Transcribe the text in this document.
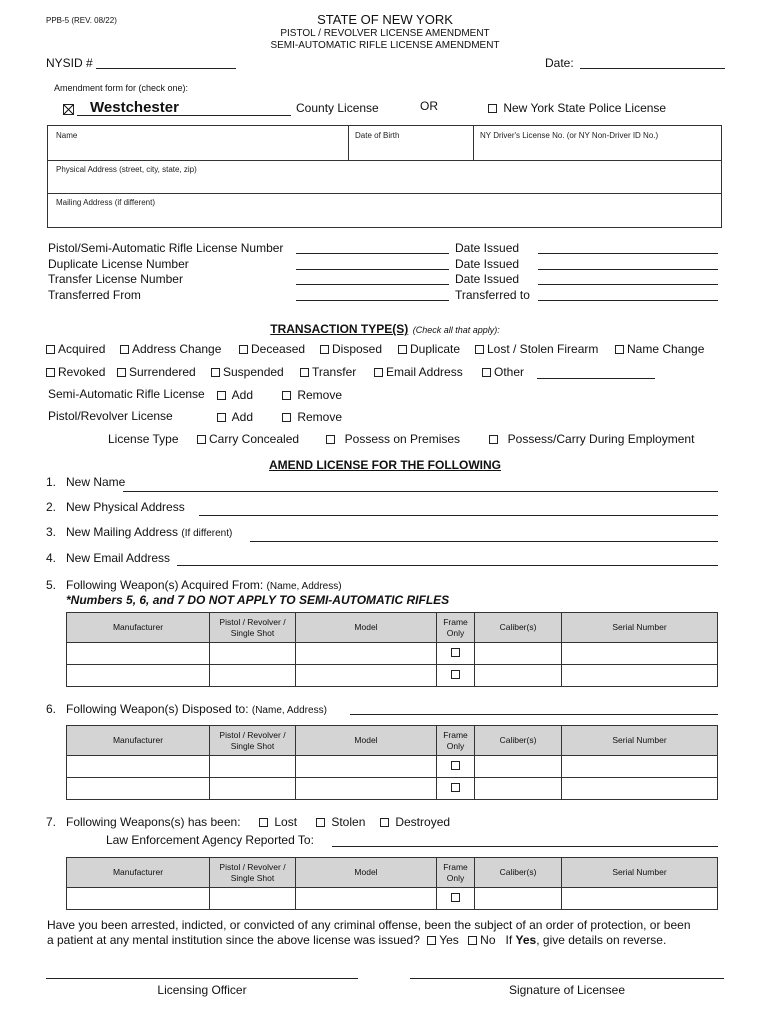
PPB-5 (REV. 08/22)	STATE OF NEW YORK
PISTOL / REVOLVER LICENSE AMENDMENT
SEMI-AUTOMATIC RIFLE LICENSE AMENDMENT
NYSID #	Date:
Amendment form for (check one):
Westchester	County License	OR	New York State Police License
Name	Date of Birth	NY Driver's License No. (or NY Non-Driver ID No.)
Physical Address (street, city, state, zip)
Mailing Address (if different)
Pistol/Semi-Automatic Rifle License Number	Date Issued
Duplicate License Number	Date Issued
Transfer License Number	Date Issued
Transferred From	Transferred to
TRANSACTION TYPE(S) (Check all that apply):
Acquired	Address Change	Deceased	Disposed	Duplicate	Lost / Stolen Firearm	Name Change
Revoked	Surrendered	Suspended	Transfer	Email Address	Other
Semi-Automatic Rifle License	Add	Remove
Pistol/Revolver License	Add	Remove
License Type	Carry Concealed	Possess on Premises	Possess/Carry During Employment
AMEND LICENSE FOR THE FOLLOWING
1. New Name
2. New Physical Address
3. New Mailing Address (If different)
4. New Email Address
5. Following Weapon(s) Acquired From: (Name, Address)
*Numbers 5, 6, and 7 DO NOT APPLY TO SEMI-AUTOMATIC RIFLES
Manufacturer	Pistol / Revolver / Single Shot	Model	Frame Only	Caliber(s)	Serial Number

6. Following Weapon(s) Disposed to: (Name, Address)
Manufacturer	Pistol / Revolver / Single Shot	Model	Frame Only	Caliber(s)	Serial Number

7. Following Weapons(s) has been:	Lost	Stolen	Destroyed
Law Enforcement Agency Reported To:
Manufacturer	Pistol / Revolver / Single Shot	Model	Frame Only	Caliber(s)	Serial Number

Have you been arrested, indicted, or convicted of any criminal offense, been the subject of an order of protection, or been
a patient at any mental institution since the above license was issued? Yes No If Yes, give details on reverse.
Licensing Officer	Signature of Licensee
